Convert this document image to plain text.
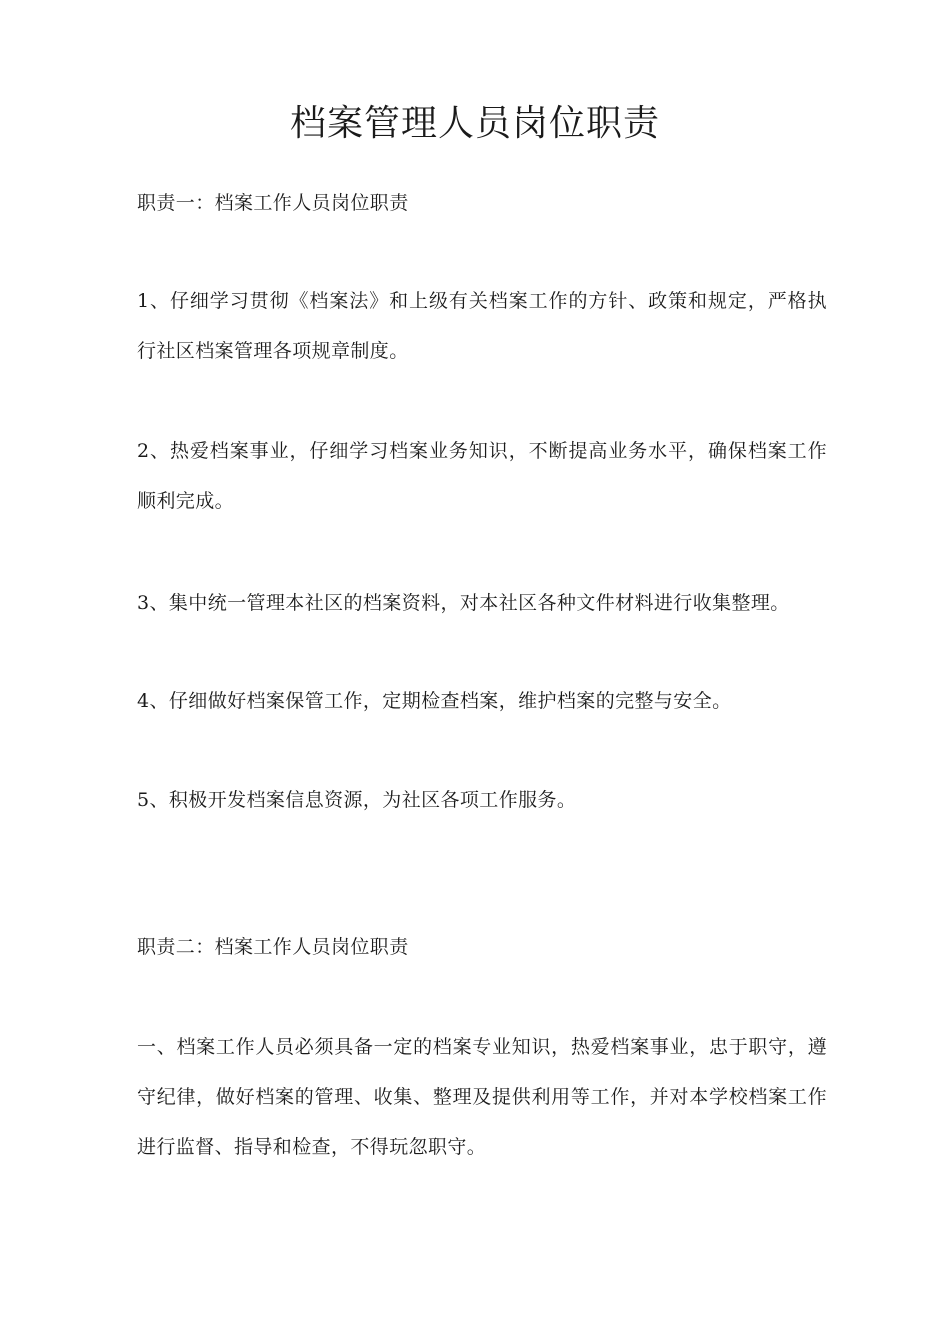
档案管理人员岗位职责

职责一：档案工作人员岗位职责

1、仔细学习贯彻《档案法》和上级有关档案工作的方针、政策和规定，严格执行社区档案管理各项规章制度。

2、热爱档案事业，仔细学习档案业务知识，不断提高业务水平，确保档案工作顺利完成。

3、集中统一管理本社区的档案资料，对本社区各种文件材料进行收集整理。

4、仔细做好档案保管工作，定期检查档案，维护档案的完整与安全。

5、积极开发档案信息资源，为社区各项工作服务。

职责二：档案工作人员岗位职责

一、档案工作人员必须具备一定的档案专业知识，热爱档案事业，忠于职守，遵守纪律，做好档案的管理、收集、整理及提供利用等工作，并对本学校档案工作进行监督、指导和检查，不得玩忽职守。
